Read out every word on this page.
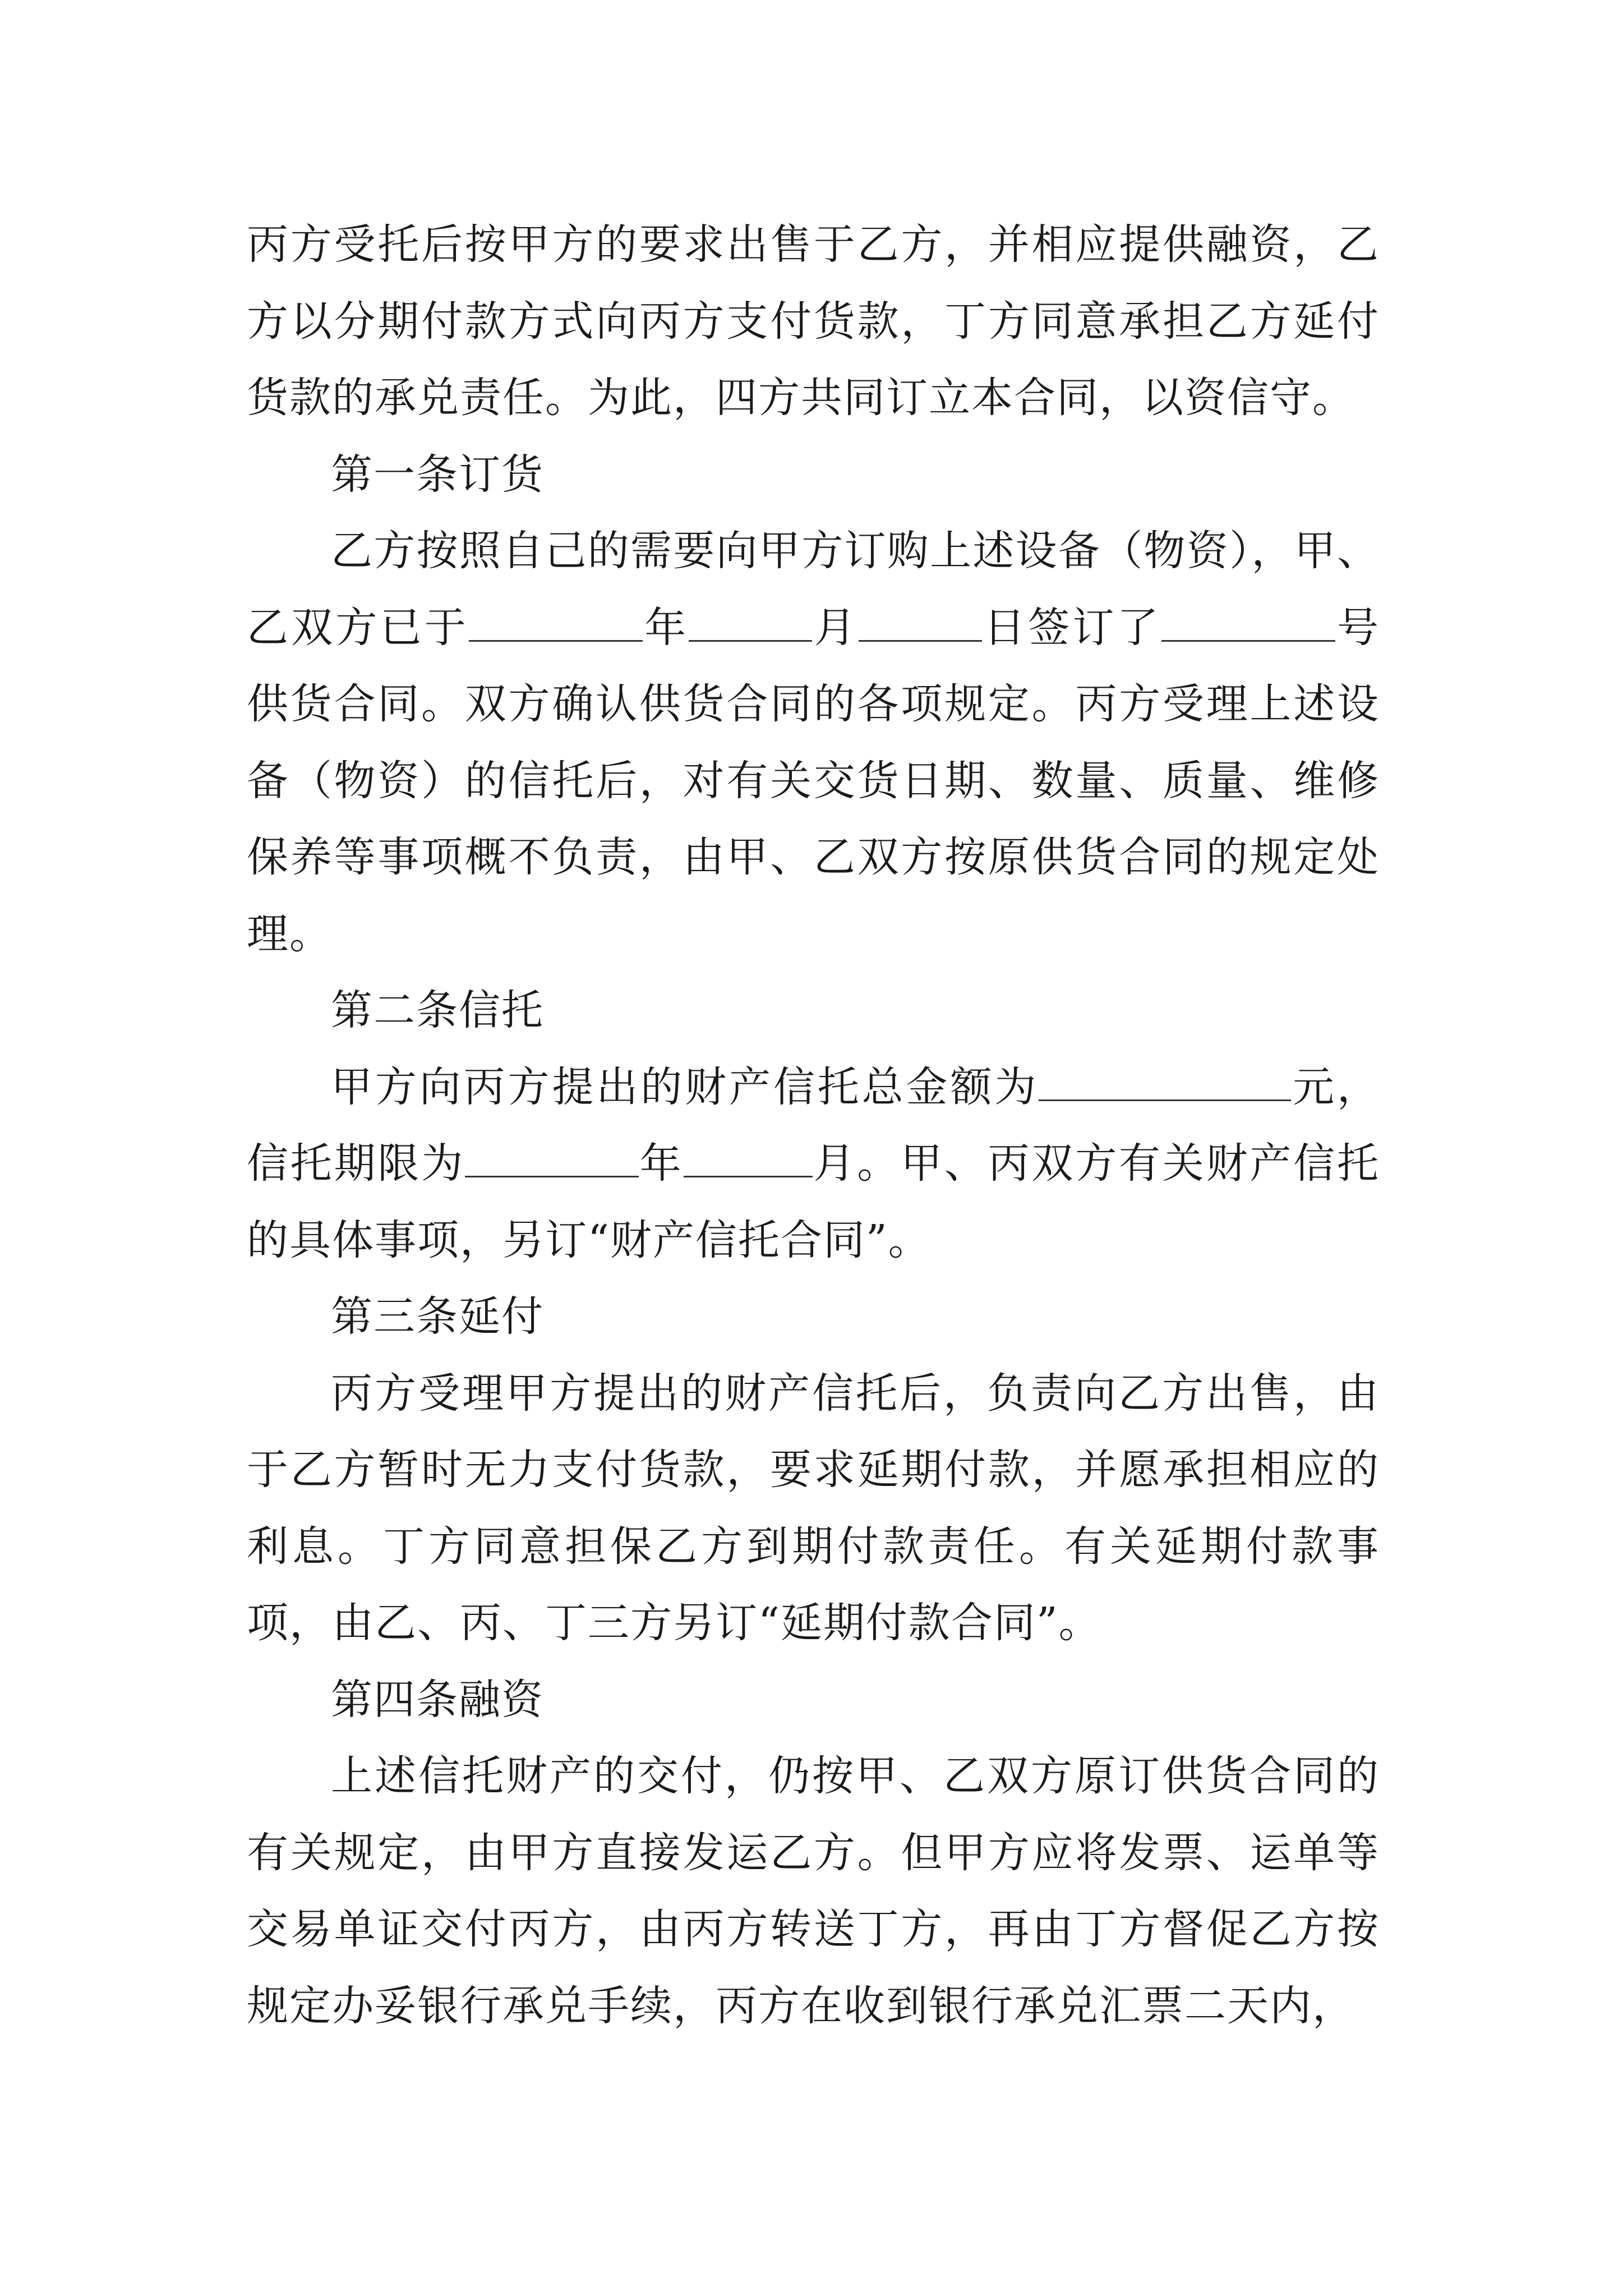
丙方受托后按甲方的要求出售于乙方，并相应提供融资，乙方以分期付款方式向丙方支付货款，丁方同意承担乙方延付货款的承兑责任。为此，四方共同订立本合同，以资信守。

第一条订货

乙方按照自己的需要向甲方订购上述设备（物资），甲、乙双方已于	年	月	日签订了	号供货合同。双方确认供货合同的各项规定。丙方受理上述设备（物资）的信托后，对有关交货日期、数量、质量、维修保养等事项概不负责，由甲、乙双方按原供货合同的规定处理。

第二条信托

甲方向丙方提出的财产信托总金额为	元，信托期限为	年	月。甲、丙双方有关财产信托的具体事项，另订“财产信托合同”。

第三条延付

丙方受理甲方提出的财产信托后，负责向乙方出售，由于乙方暂时无力支付货款，要求延期付款，并愿承担相应的利息。丁方同意担保乙方到期付款责任。有关延期付款事项，由乙、丙、丁三方另订“延期付款合同”。

第四条融资

上述信托财产的交付，仍按甲、乙双方原订供货合同的有关规定，由甲方直接发运乙方。但甲方应将发票、运单等交易单证交付丙方，由丙方转送丁方，再由丁方督促乙方按规定办妥银行承兑手续，丙方在收到银行承兑汇票二天内，
